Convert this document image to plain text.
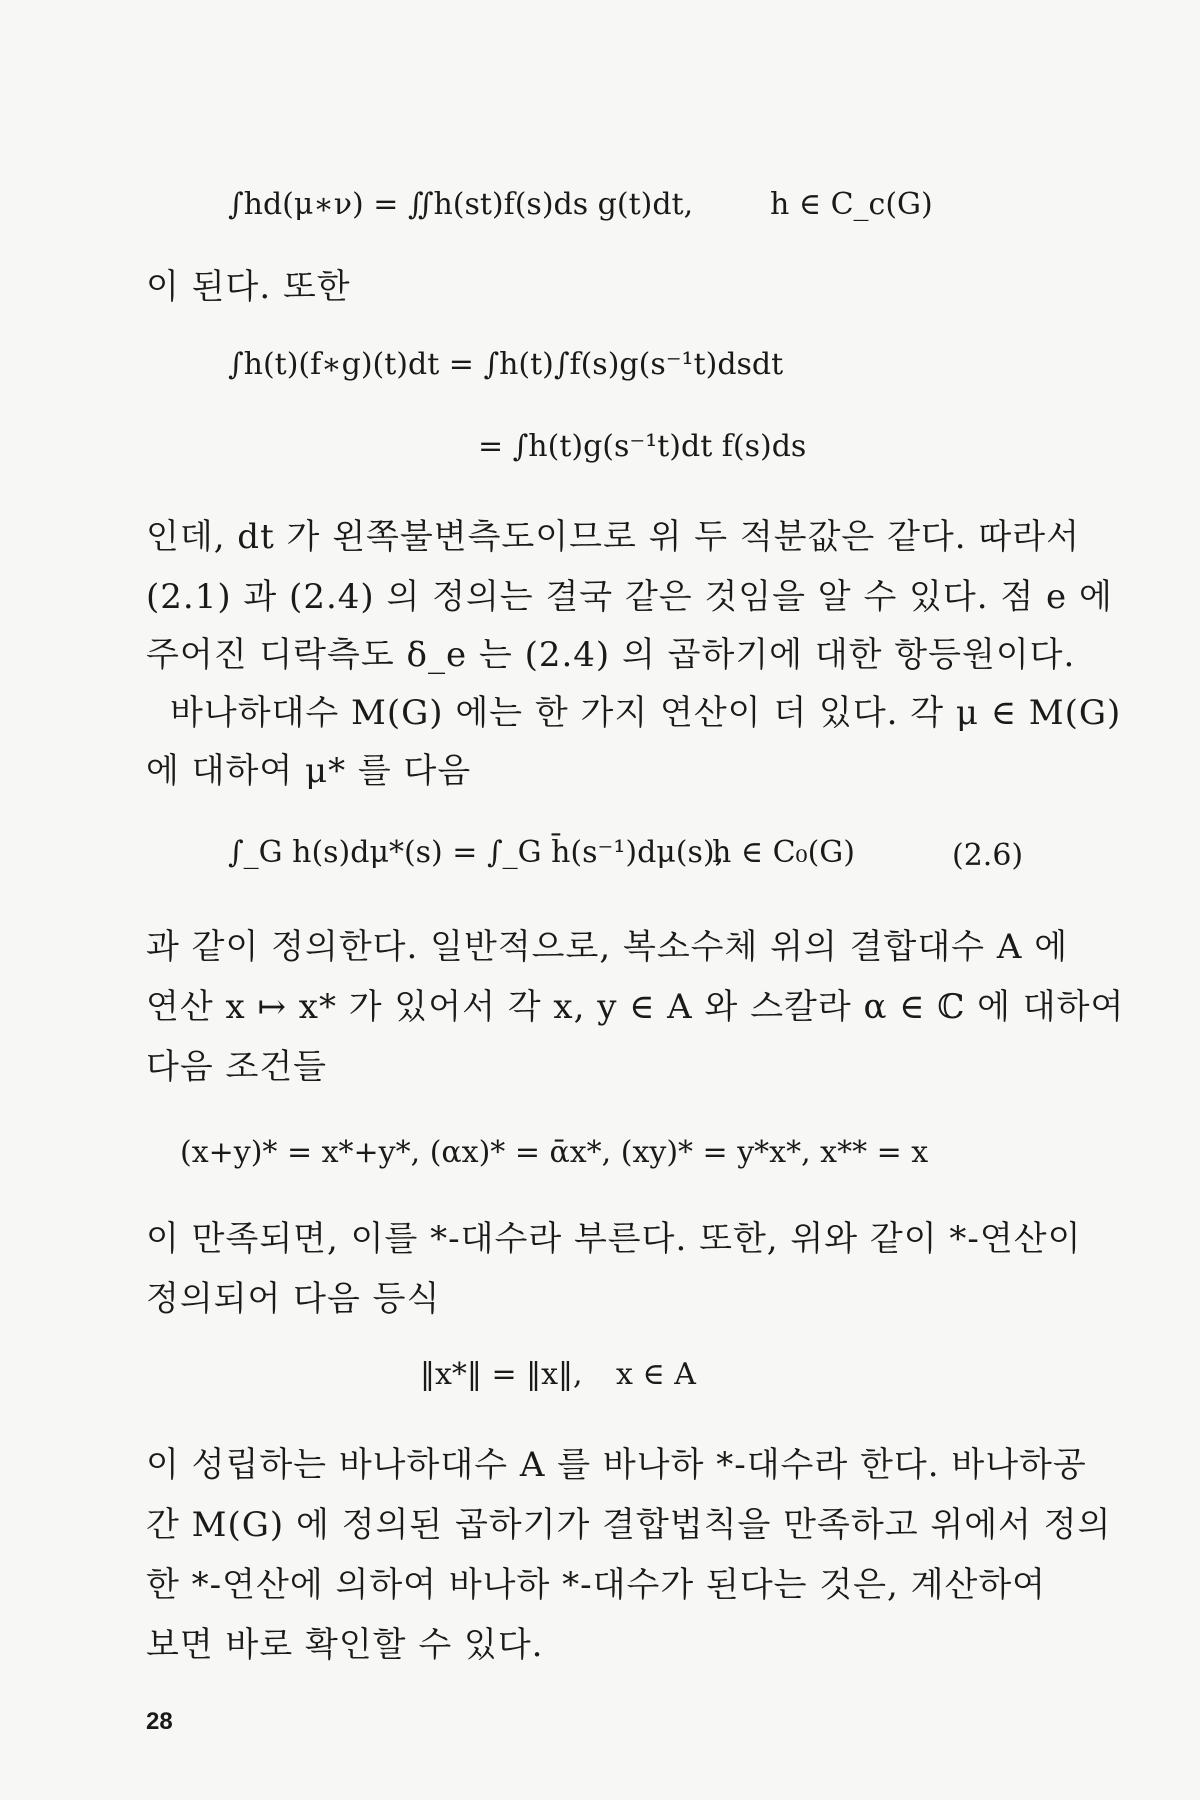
∫hd(μ∗ν) = ∬h(st)f(s)ds g(t)dt,	h ∈ C_c(G)
이 된다. 또한
∫h(t)(f∗g)(t)dt = ∫h(t)∫f(s)g(s⁻¹t)dsdt
= ∫h(t)g(s⁻¹t)dt f(s)ds
인데, dt 가 왼쪽불변측도이므로 위 두 적분값은 같다. 따라서
(2.1) 과 (2.4) 의 정의는 결국 같은 것임을 알 수 있다. 점 e 에
주어진 디락측도 δ_e 는 (2.4) 의 곱하기에 대한 항등원이다.
바나하대수 M(G) 에는 한 가지 연산이 더 있다. 각 μ ∈ M(G)
에 대하여 μ* 를 다음
∫_G h(s)dμ*(s) = ∫_G h̄(s⁻¹)dμ(s),
h ∈ C₀(G)	(2.6)
과 같이 정의한다. 일반적으로, 복소수체 위의 결합대수 A 에
연산 x ↦ x* 가 있어서 각 x, y ∈ A 와 스칼라 α ∈ ℂ 에 대하여
다음 조건들
(x+y)* = x*+y*, (αx)* = ᾱx*, (xy)* = y*x*, x** = x
이 만족되면, 이를 *-대수라 부른다. 또한, 위와 같이 *-연산이
정의되어 다음 등식
‖x*‖ = ‖x‖, x ∈ A
이 성립하는 바나하대수 A 를 바나하 *-대수라 한다. 바나하공
간 M(G) 에 정의된 곱하기가 결합법칙을 만족하고 위에서 정의
한 *-연산에 의하여 바나하 *-대수가 된다는 것은, 계산하여
보면 바로 확인할 수 있다.
28
